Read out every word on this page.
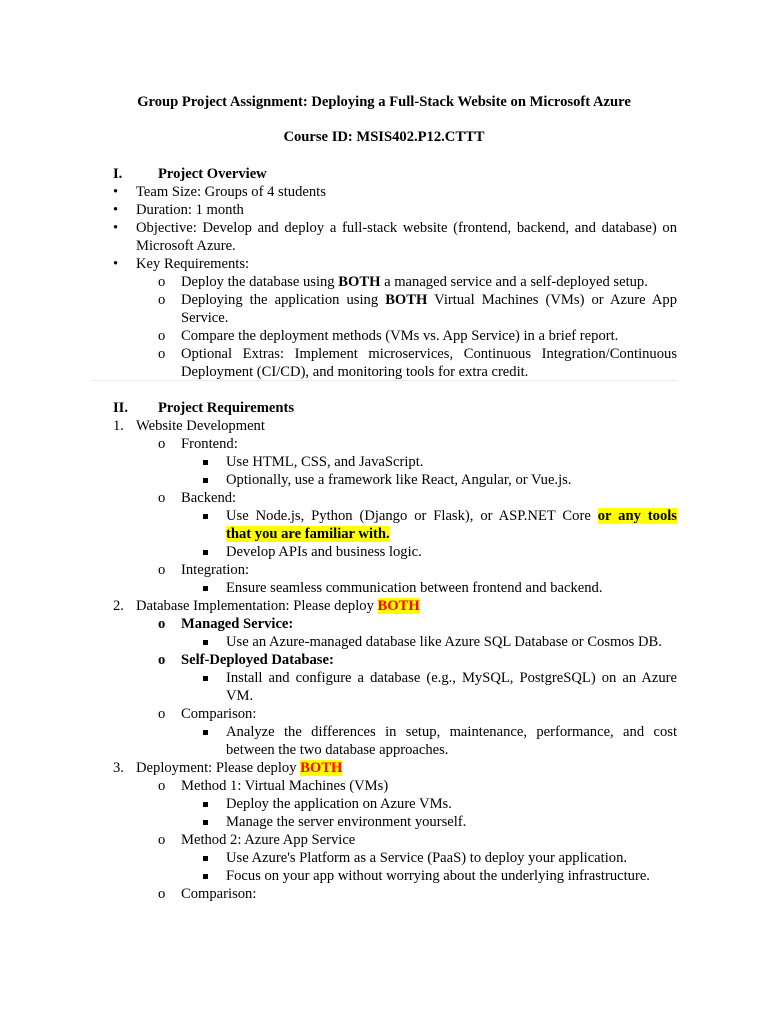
Group Project Assignment: Deploying a Full-Stack Website on Microsoft Azure
Course ID: MSIS402.P12.CTTT
I. Project Overview
• Team Size: Groups of 4 students
• Duration: 1 month
• Objective: Develop and deploy a full-stack website (frontend, backend, and database) on
Microsoft Azure.
• Key Requirements:
o Deploy the database using BOTH a managed service and a self-deployed setup.
o Deploying the application using BOTH Virtual Machines (VMs) or Azure App
Service.
o Compare the deployment methods (VMs vs. App Service) in a brief report.
o Optional Extras: Implement microservices, Continuous Integration/Continuous
Deployment (CI/CD), and monitoring tools for extra credit.
II. Project Requirements
1. Website Development
o Frontend:
Use HTML, CSS, and JavaScript.
Optionally, use a framework like React, Angular, or Vue.js.
o Backend:
Use Node.js, Python (Django or Flask), or ASP.NET Core or any tools
that you are familiar with.
Develop APIs and business logic.
o Integration:
Ensure seamless communication between frontend and backend.
2. Database Implementation: Please deploy BOTH
o Managed Service:
Use an Azure-managed database like Azure SQL Database or Cosmos DB.
o Self-Deployed Database:
Install and configure a database (e.g., MySQL, PostgreSQL) on an Azure
VM.
o Comparison:
Analyze the differences in setup, maintenance, performance, and cost
between the two database approaches.
3. Deployment: Please deploy BOTH
o Method 1: Virtual Machines (VMs)
Deploy the application on Azure VMs.
Manage the server environment yourself.
o Method 2: Azure App Service
Use Azure's Platform as a Service (PaaS) to deploy your application.
Focus on your app without worrying about the underlying infrastructure.
o Comparison:
